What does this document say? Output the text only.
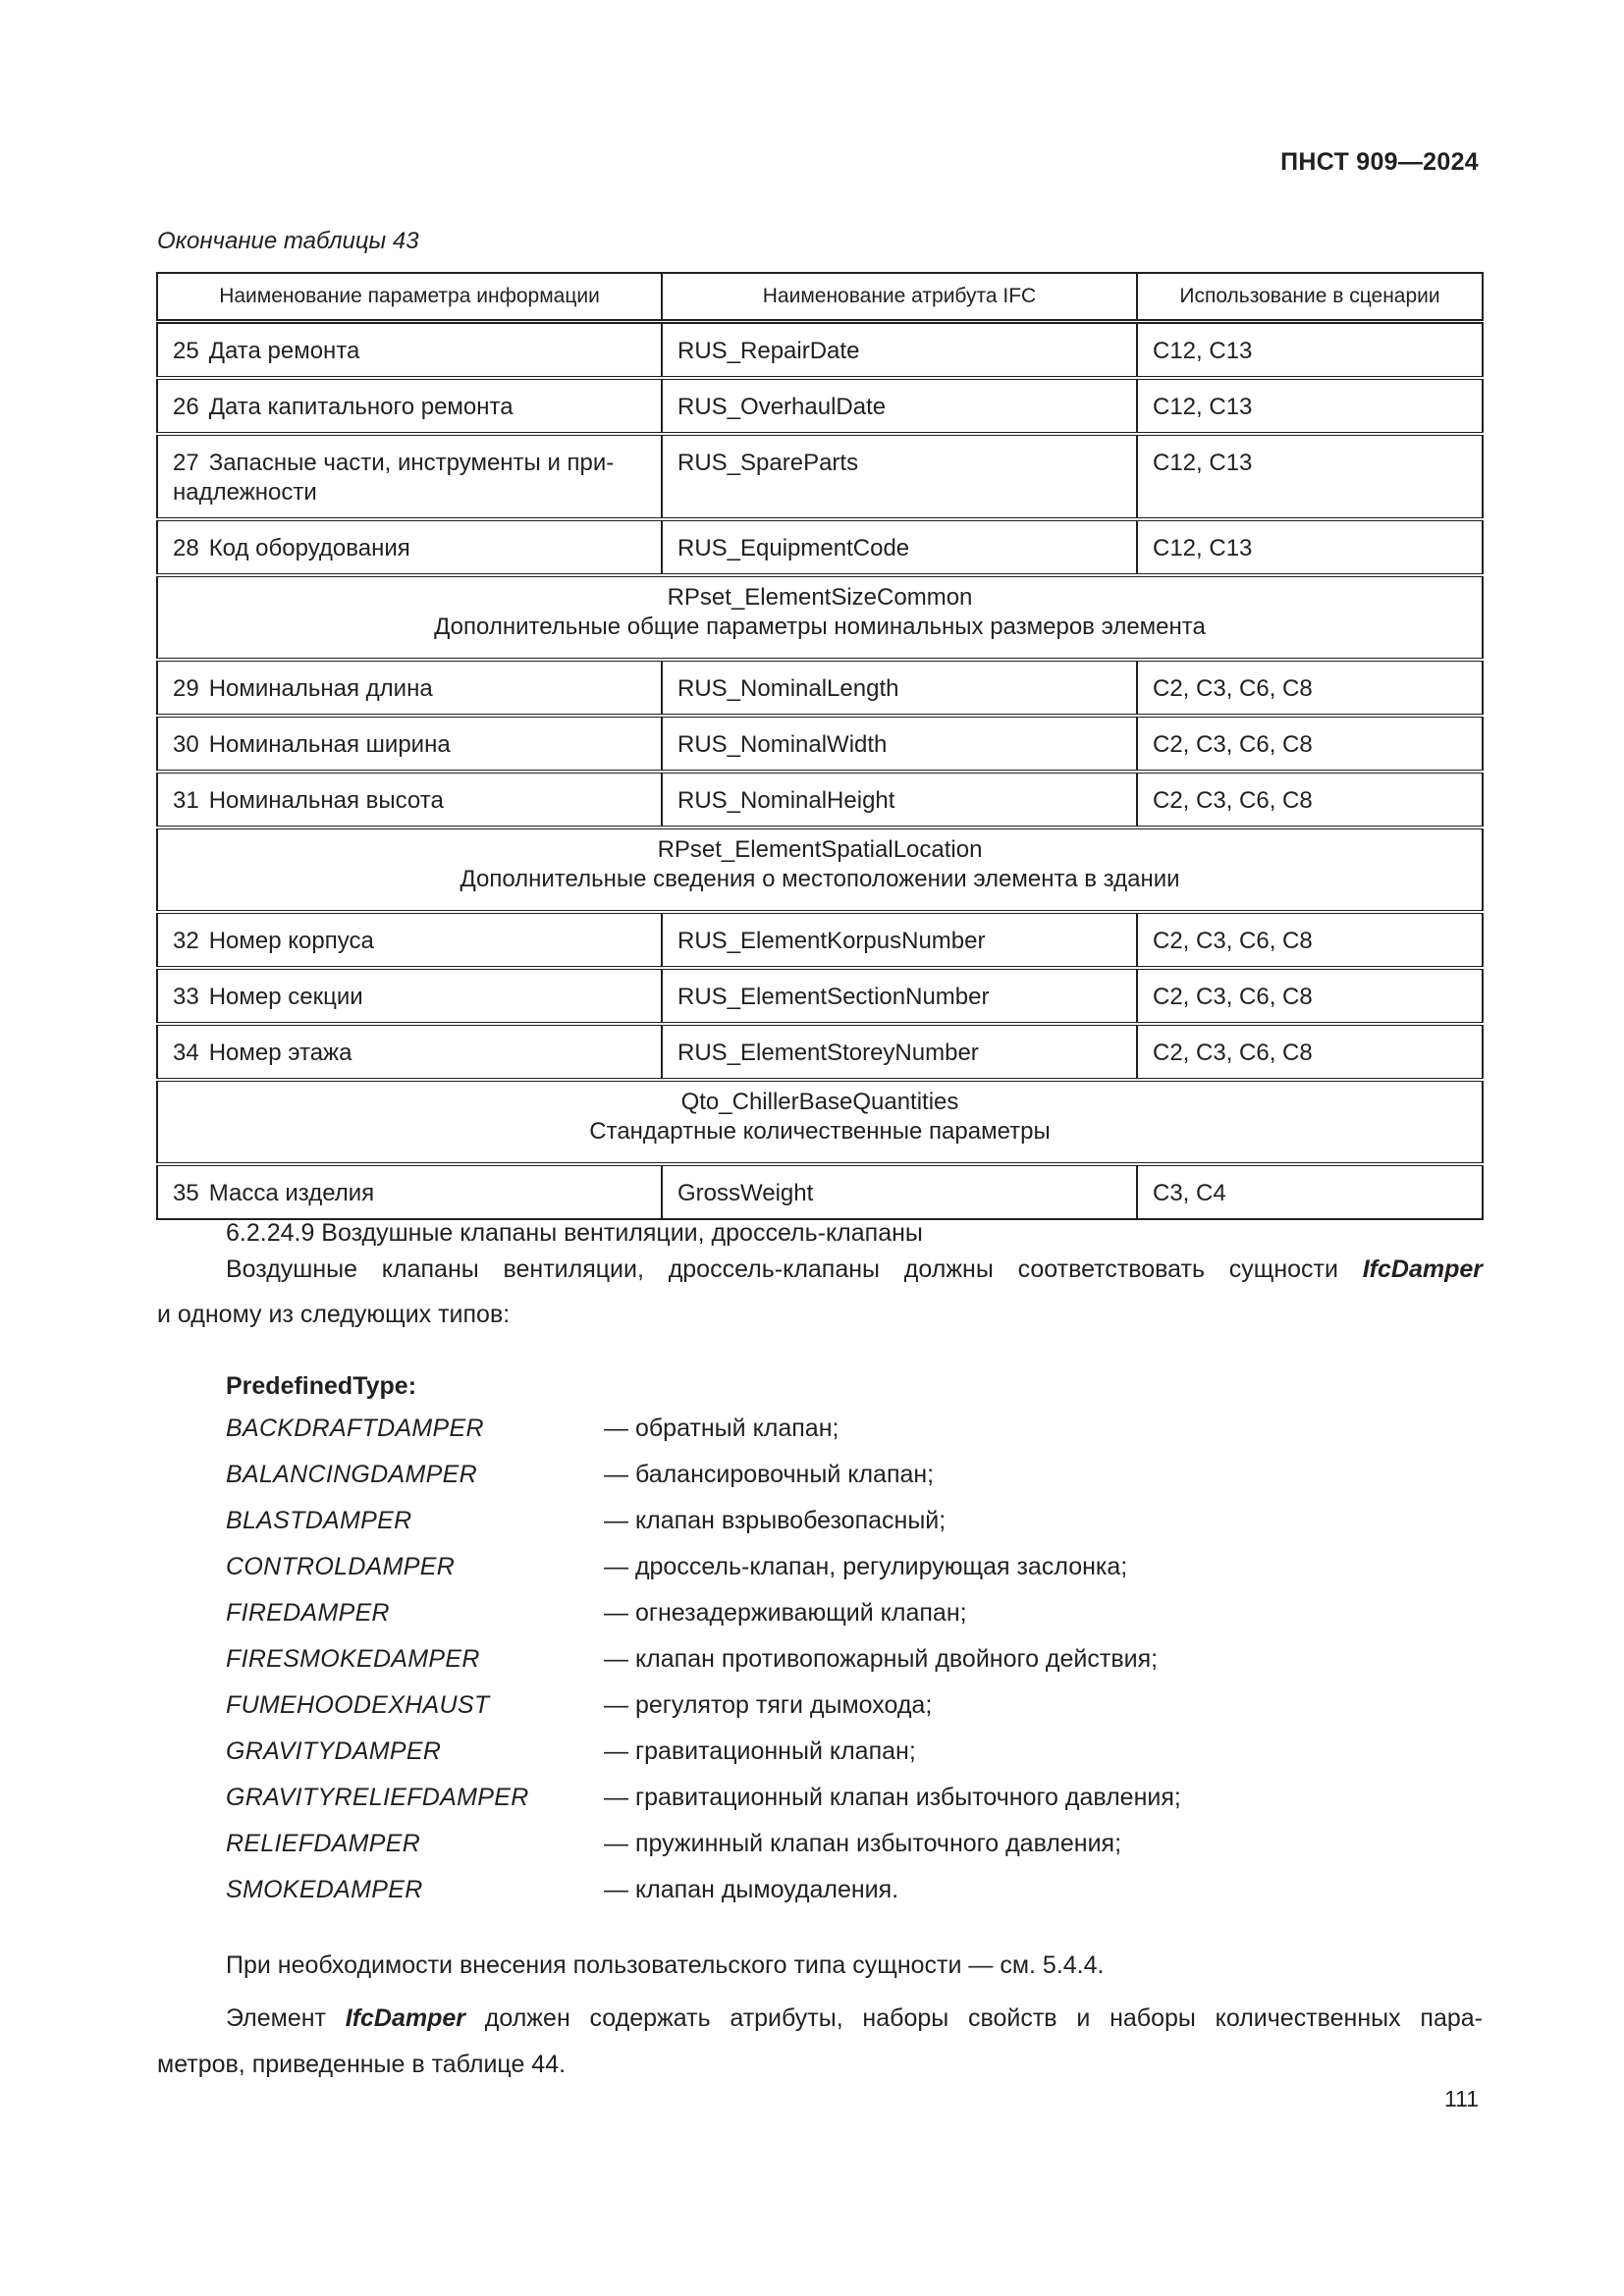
ПНСТ 909—2024
Окончание таблицы 43
Наименование параметра информации	Наименование атрибута IFC	Использование в сценарии
25 Дата ремонта	RUS_RepairDate	C12, C13
26 Дата капитального ремонта	RUS_OverhaulDate	C12, C13

27 Запасные части, инструменты и при-
надлежности	RUS_SpareParts	C12, C13
28 Код оборудования	RUS_EquipmentCode	C12, C13

RPset_ElementSizeCommon
Дополнительные общие параметры номинальных размеров элемента		

29 Номинальная длина	RUS_NominalLength	C2, C3, C6, C8
30 Номинальная ширина	RUS_NominalWidth	C2, C3, C6, C8
31 Номинальная высота	RUS_NominalHeight	C2, C3, C6, C8

RPset_ElementSpatialLocation
Дополнительные сведения о местоположении элемента в здании		

32 Номер корпуса	RUS_ElementKorpusNumber	C2, C3, C6, C8
33 Номер секции	RUS_ElementSectionNumber	C2, C3, C6, C8
34 Номер этажа	RUS_ElementStoreyNumber	C2, C3, C6, C8

Qto_ChillerBaseQuantities
Стандартные количественные параметры		

35 Масса изделия	GrossWeight	C3, C4
6.2.24.9 Воздушные клапаны вентиляции, дроссель-клапаны
Воздушные клапаны вентиляции, дроссель-клапаны должны соответствовать сущности IfcDamper
и одному из следующих типов:
PredefinedType:
BACKDRAFTDAMPER	— обратный клапан;
BALANCINGDAMPER	— балансировочный клапан;
BLASTDAMPER	— клапан взрывобезопасный;
CONTROLDAMPER	— дроссель-клапан, регулирующая заслонка;
FIREDAMPER	— огнезадерживающий клапан;
FIRESMOKEDAMPER	— клапан противопожарный двойного действия;
FUMEHOODEXHAUST	— регулятор тяги дымохода;
GRAVITYDAMPER	— гравитационный клапан;
GRAVITYRELIEFDAMPER	— гравитационный клапан избыточного давления;
RELIEFDAMPER	— пружинный клапан избыточного давления;
SMOKEDAMPER	— клапан дымоудаления.
При необходимости внесения пользовательского типа сущности — см. 5.4.4.
Элемент IfcDamper должен содержать атрибуты, наборы свойств и наборы количественных пара-
метров, приведенные в таблице 44.
111
